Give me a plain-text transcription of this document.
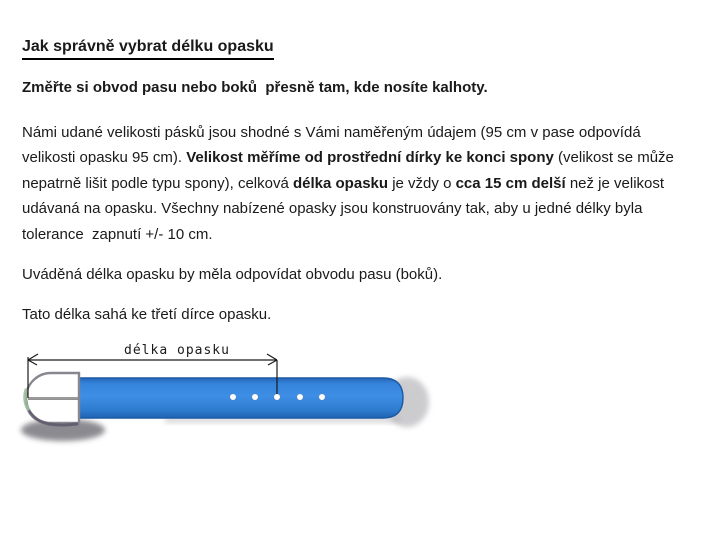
Jak správně vybrat délku opasku
Změřte si obvod pasu nebo boků  přesně tam, kde nosíte kalhoty.
Námi udané velikosti pásků jsou shodné s Vámi naměřeným údajem (95 cm v pase odpovídá velikosti opasku 95 cm). Velikost měříme od prostřední dírky ke konci spony (velikost se může nepatrně lišit podle typu spony), celková délka opasku je vždy o cca 15 cm delší než je velikost udávaná na opasku. Všechny nabízené opasky jsou konstruovány tak, aby u jedné délky byla tolerance  zapnutí +/- 10 cm.
Uváděná délka opasku by měla odpovídat obvodu pasu (boků).
Tato délka sahá ke třetí dírce opasku.
délka opasku
